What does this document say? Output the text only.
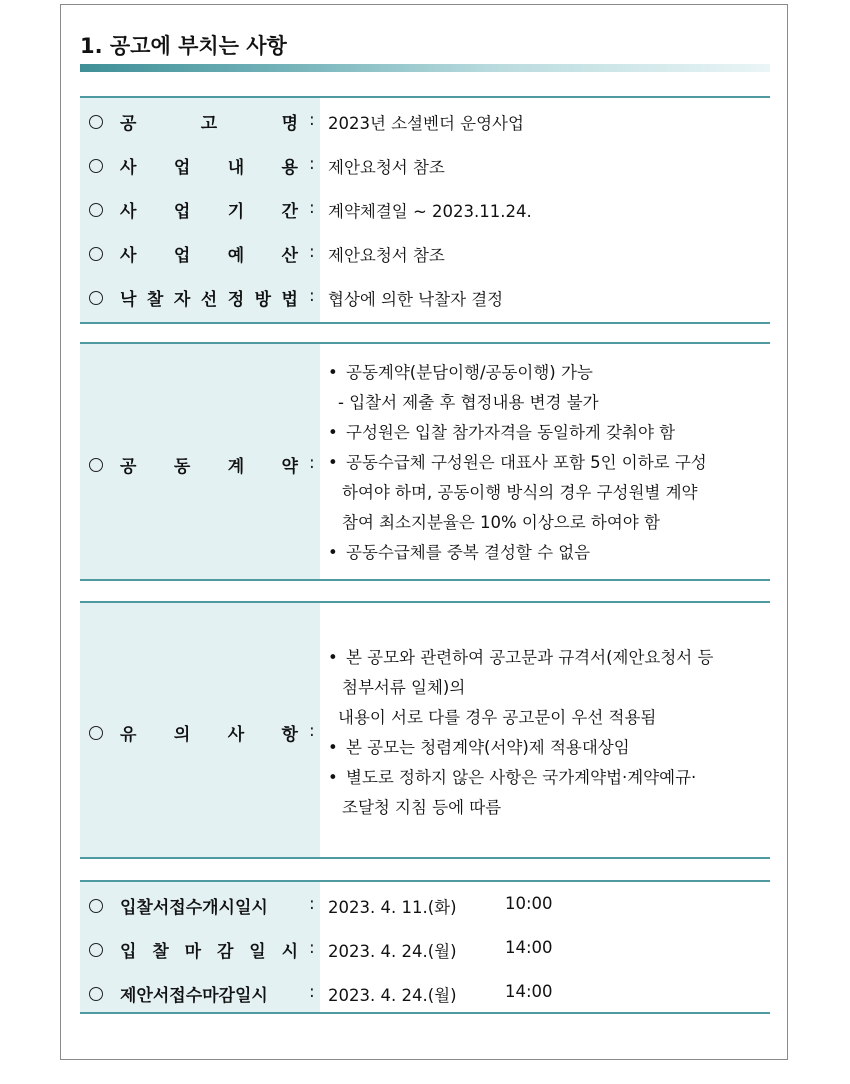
1. 공고에 부치는 사항
공	고	명 : 2023년 소셜벤더 운영사업
사 업 내 용 : 제안요청서 참조
사 업 기 간 : 계약체결일 ~ 2023.11.24.
사 업 예 산 : 제안요청서 참조
낙 찰 자 선 정 방 법 : 협상에 의한 낙찰자 결정
공 동 계 약 :
• 공동계약(분담이행/공동이행) 가능
- 입찰서 제출 후 협정내용 변경 불가
• 구성원은 입찰 참가자격을 동일하게 갖춰야 함
• 공동수급체 구성원은 대표사 포함 5인 이하로 구성
하여야 하며, 공동이행 방식의 경우 구성원별 계약
참여 최소지분율은 10% 이상으로 하여야 함
• 공동수급체를 중복 결성할 수 없음
유 의 사 항 :
• 본 공모와 관련하여 공고문과 규격서(제안요청서 등
첨부서류 일체)의
내용이 서로 다를 경우 공고문이 우선 적용됨
• 본 공모는 청렴계약(서약)제 적용대상임
• 별도로 정하지 않은 사항은 국가계약법·계약예규·
조달청 지침 등에 따름
입찰서접수개시일시 : 2023. 4. 11.(화)	10:00
입 찰 마 감 일 시 : 2023. 4. 24.(월)	14:00
제안서접수마감일시 : 2023. 4. 24.(월)	14:00
